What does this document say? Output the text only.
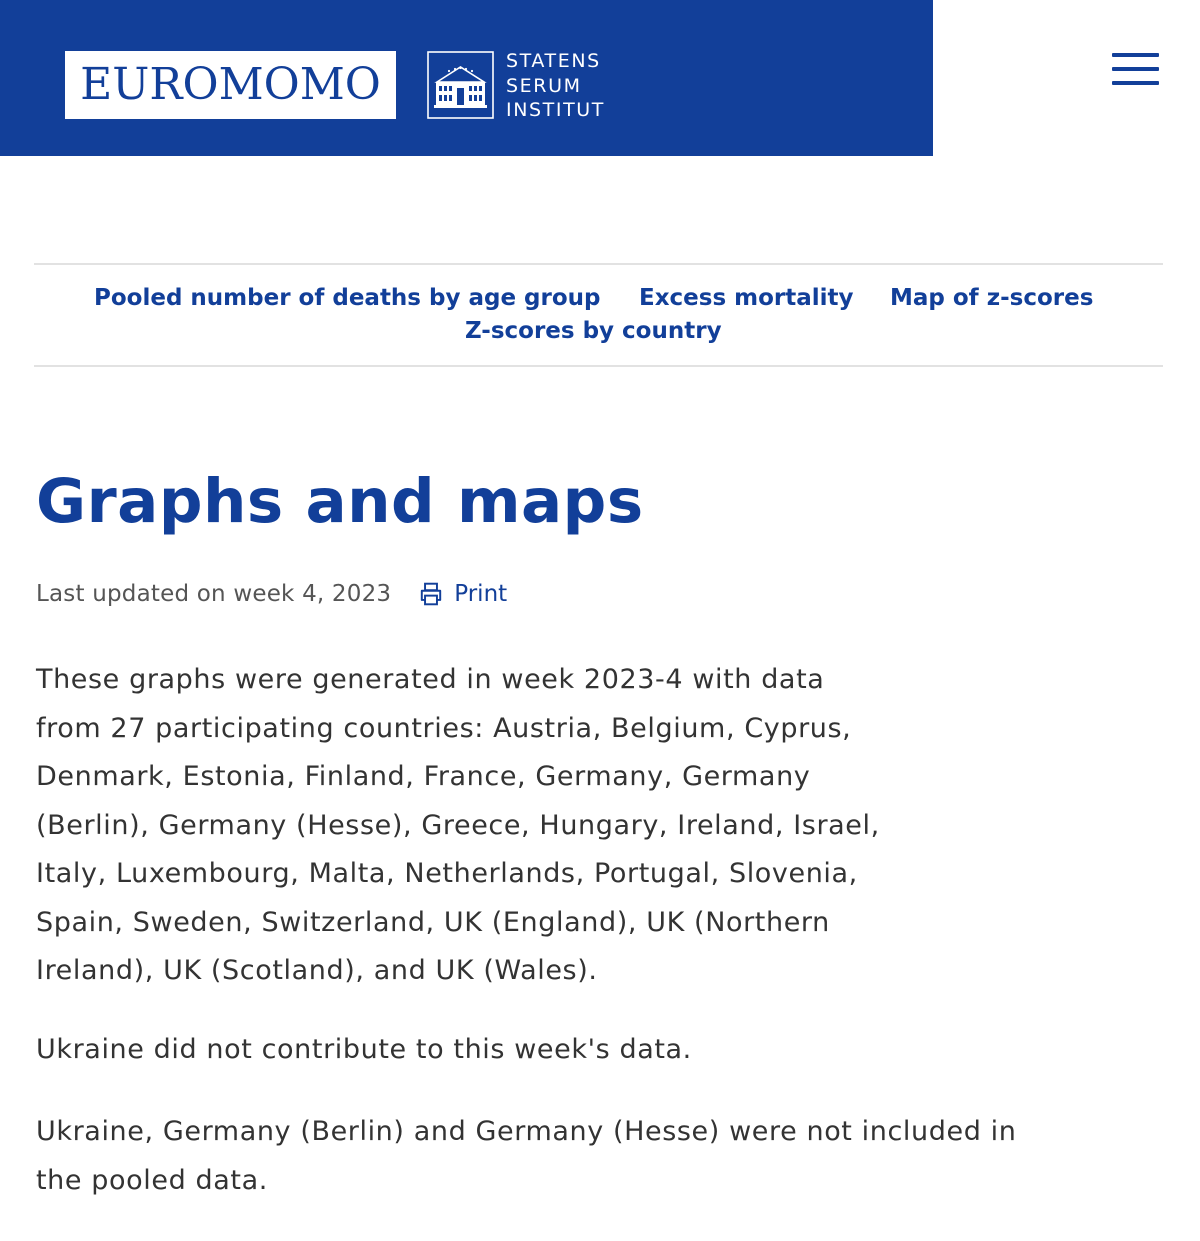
EUROMOMO	STATENS
SERUM
INSTITUT
Pooled number of deaths by age group Excess mortality Map of z-scores
Z-scores by country
Graphs and maps
Last updated on week 4, 2023	Print

These graphs were generated in week 2023-4 with data
from 27 participating countries: Austria, Belgium, Cyprus,
Denmark, Estonia, Finland, France, Germany, Germany
(Berlin), Germany (Hesse), Greece, Hungary, Ireland, Israel,
Italy, Luxembourg, Malta, Netherlands, Portugal, Slovenia,
Spain, Sweden, Switzerland, UK (England), UK (Northern
Ireland), UK (Scotland), and UK (Wales).

Ukraine did not contribute to this week's data.

Ukraine, Germany (Berlin) and Germany (Hesse) were not included in
the pooled data.
